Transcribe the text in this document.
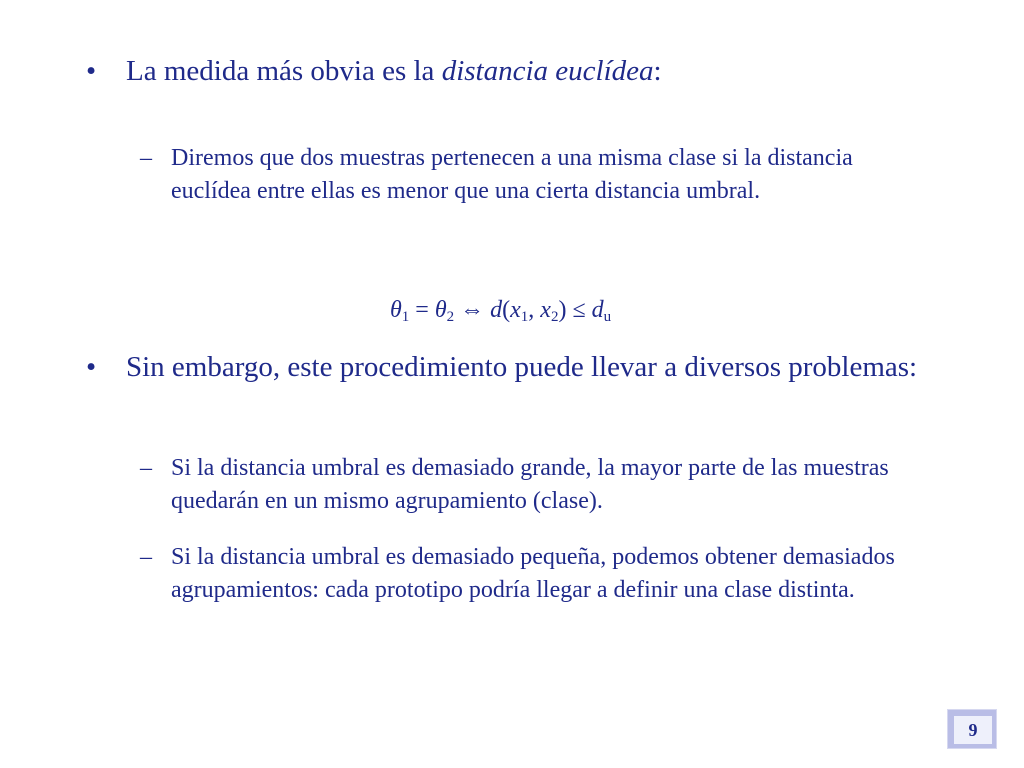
• La medida más obvia es la distancia euclídea:
– Diremos que dos muestras pertenecen a una misma clase si la distancia euclídea entre ellas es menor que una cierta distancia umbral.
$\theta_1 = \theta_2$ ⇔ $d(x_1$, $x_2) \le d_u$
• Sin embargo, este procedimiento puede llevar a diversos problemas:
– Si la distancia umbral es demasiado grande, la mayor parte de las muestras quedarán en un mismo agrupamiento (clase).
– Si la distancia umbral es demasiado pequeña, podemos obtener demasiados agrupamientos: cada prototipo podría llegar a definir una clase distinta.
9
